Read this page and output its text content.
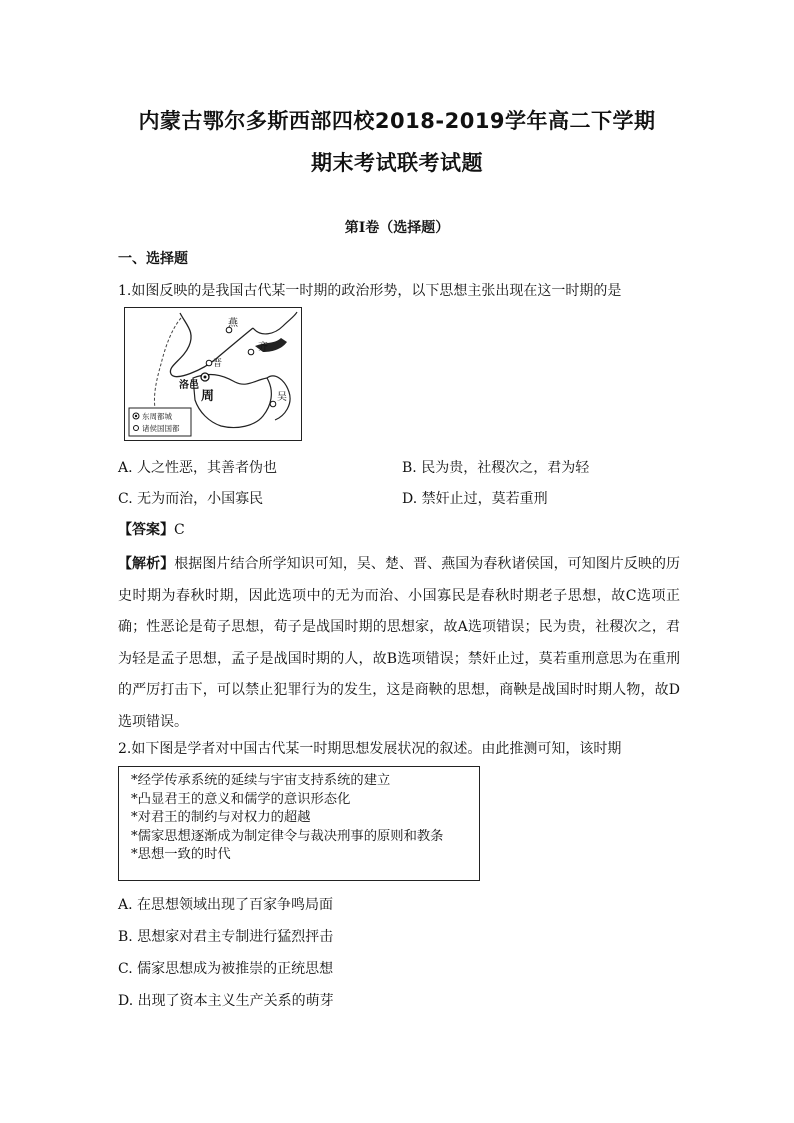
内蒙古鄂尔多斯西部四校2018-2019学年高二下学期
期末考试联考试题
第Ⅰ卷（选择题）
一、选择题
1.如图反映的是我国古代某一时期的政治形势，以下思想主张出现在这一时期的是
燕
晋
洛邑
周
齐
吴
东周都城
诸侯国国都
A. 人之性恶，其善者伪也	B. 民为贵，社稷次之，君为轻
C. 无为而治，小国寡民	D. 禁奸止过，莫若重刑
【答案】C
【解析】根据图片结合所学知识可知，吴、楚、晋、燕国为春秋诸侯国，可知图片反映的历史时期为春秋时期，因此选项中的无为而治、小国寡民是春秋时期老子思想，故C选项正确；性恶论是荀子思想，荀子是战国时期的思想家，故A选项错误；民为贵，社稷次之，君为轻是孟子思想，孟子是战国时期的人，故B选项错误；禁奸止过，莫若重刑意思为在重刑的严厉打击下，可以禁止犯罪行为的发生，这是商鞅的思想，商鞅是战国时时期人物，故D选项错误。
2.如下图是学者对中国古代某一时期思想发展状况的叙述。由此推测可知，该时期
*经学传承系统的延续与宇宙支持系统的建立
*凸显君王的意义和儒学的意识形态化
*对君王的制约与对权力的超越
*儒家思想逐渐成为制定律令与裁决刑事的原则和教条
*思想一致的时代
A. 在思想领域出现了百家争鸣局面
B. 思想家对君主专制进行猛烈抨击
C. 儒家思想成为被推崇的正统思想
D. 出现了资本主义生产关系的萌芽
